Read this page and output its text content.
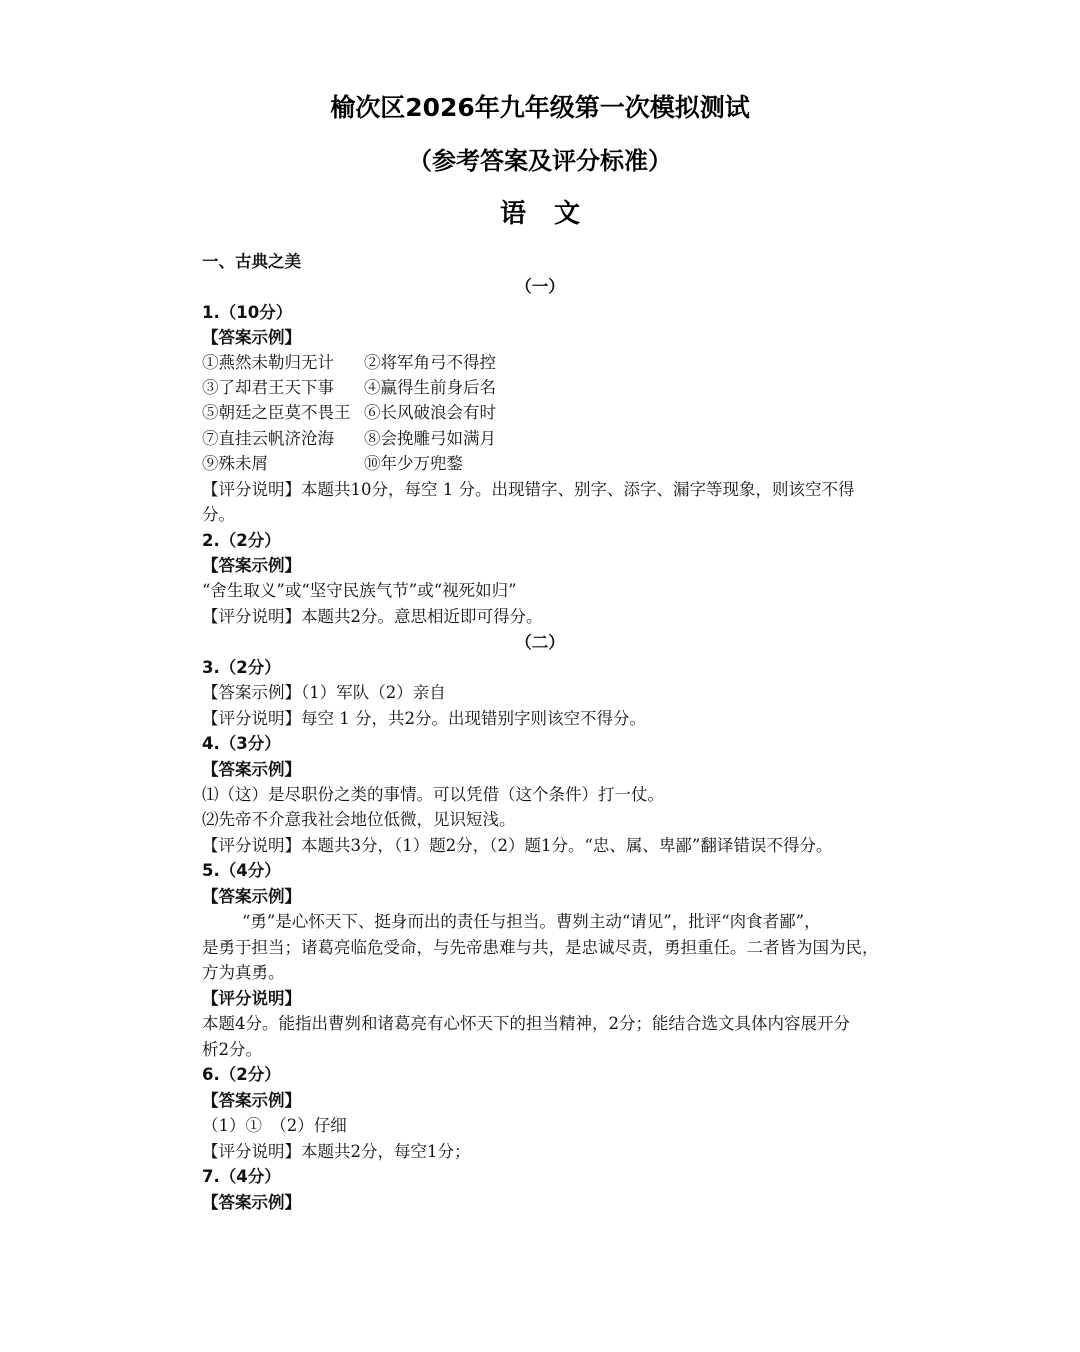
榆次区2026年九年级第一次模拟测试
（参考答案及评分标准）
语文
一、古典之美
（一）
1.（10分）
【答案示例】
①燕然未勒归无计 ②将军角弓不得控
③了却君王天下事 ④赢得生前身后名
⑤朝廷之臣莫不畏王 ⑥长风破浪会有时
⑦直挂云帆济沧海 ⑧会挽雕弓如满月
⑨殊未屑	⑩年少万兜鍪
【评分说明】本题共10分，每空 1 分。出现错字、别字、添字、漏字等现象，则该空不得
分。
2.（2分）
【答案示例】
“舍生取义”或“坚守民族气节”或“视死如归”
【评分说明】本题共2分。意思相近即可得分。
（二）
3.（2分）
【答案示例】（1）军队（2）亲自
【评分说明】每空 1 分，共2分。出现错别字则该空不得分。
4.（3分）
【答案示例】
⑴（这）是尽职份之类的事情。可以凭借（这个条件）打一仗。
⑵先帝不介意我社会地位低微，见识短浅。
【评分说明】本题共3分，（1）题2分，（2）题1分。“忠、属、卑鄙”翻译错误不得分。
5.（4分）
【答案示例】
“勇”是心怀天下、挺身而出的责任与担当。曹刿主动“请见”，批评“肉食者鄙”，
是勇于担当；诸葛亮临危受命，与先帝患难与共，是忠诚尽责，勇担重任。二者皆为国为民，
方为真勇。
【评分说明】
本题4分。能指出曹刿和诸葛亮有心怀天下的担当精神，2分；能结合选文具体内容展开分
析2分。
6.（2分）
【答案示例】
（1）①　（2）仔细
【评分说明】本题共2分，每空1分；
7.（4分）
【答案示例】
